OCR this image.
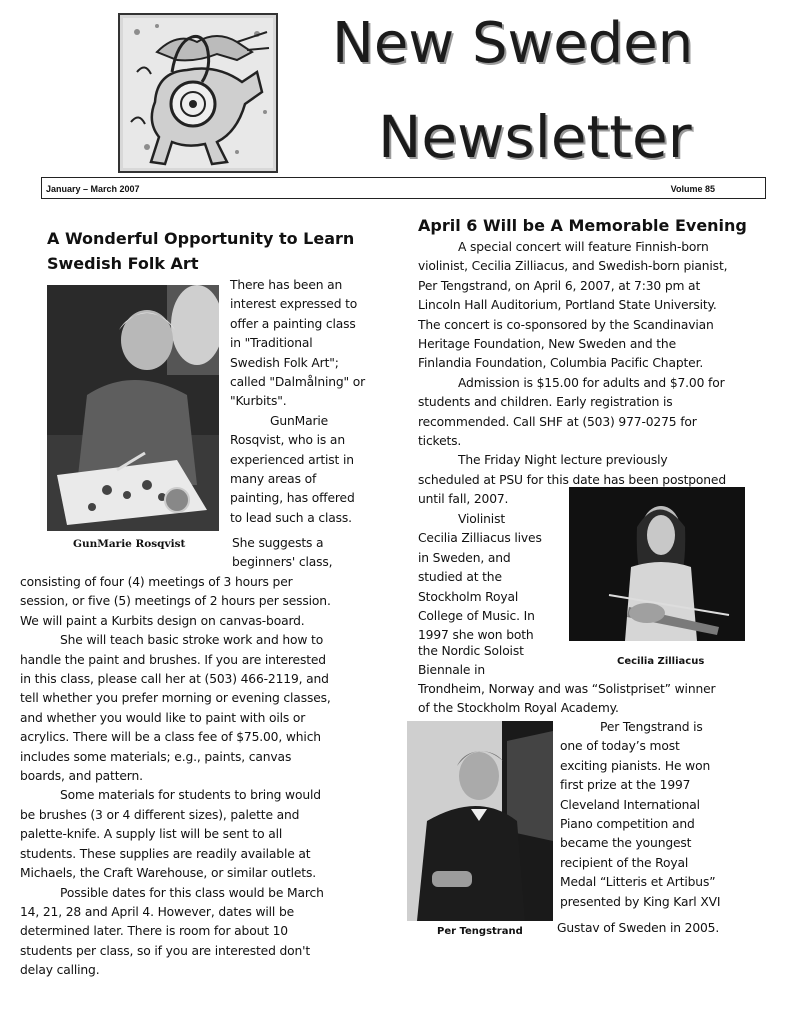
New Sweden
Newsletter
January – March 2007	Volume 85
A Wonderful Opportunity to Learn
Swedish Folk Art
GunMarie Rosqvist
There has been an
interest expressed to
offer a painting class
in "Traditional
Swedish Folk Art";
called "Dalmålning" or
"Kurbits".
GunMarie
Rosqvist, who is an
experienced artist in
many areas of
painting, has offered
to lead such a class.
She suggests a
beginners' class,
consisting of four (4) meetings of 3 hours per
session, or five (5) meetings of 2 hours per session.
We will paint a Kurbits design on canvas-board.
She will teach basic stroke work and how to
handle the paint and brushes. If you are interested
in this class, please call her at (503) 466-2119, and
tell whether you prefer morning or evening classes,
and whether you would like to paint with oils or
acrylics. There will be a class fee of $75.00, which
includes some materials; e.g., paints, canvas
boards, and pattern.
Some materials for students to bring would
be brushes (3 or 4 different sizes), palette and
palette-knife. A supply list will be sent to all
students. These supplies are readily available at
Michaels, the Craft Warehouse, or similar outlets.
Possible dates for this class would be March
14, 21, 28 and April 4. However, dates will be
determined later. There is room for about 10
students per class, so if you are interested don't
delay calling.
April 6 Will be A Memorable Evening
A special concert will feature Finnish-born
violinist, Cecilia Zilliacus, and Swedish-born pianist,
Per Tengstrand, on April 6, 2007, at 7:30 pm at
Lincoln Hall Auditorium, Portland State University.
The concert is co-sponsored by the Scandinavian
Heritage Foundation, New Sweden and the
Finlandia Foundation, Columbia Pacific Chapter.
Admission is $15.00 for adults and $7.00 for
students and children. Early registration is
recommended. Call SHF at (503) 977-0275 for
tickets.
The Friday Night lecture previously
scheduled at PSU for this date has been postponed
until fall, 2007.
Violinist
Cecilia Zilliacus lives
in Sweden, and
studied at the
Stockholm Royal
College of Music. In
1997 she won both
Cecilia Zilliacus
the Nordic Soloist
Biennale in
Trondheim, Norway and was “Solistpriset” winner
of the Stockholm Royal Academy.
Per Tengstrand
Per Tengstrand is
one of today’s most
exciting pianists. He won
first prize at the 1997
Cleveland International
Piano competition and
became the youngest
recipient of the Royal
Medal “Litteris et Artibus”
presented by King Karl XVI
Gustav of Sweden in 2005.
